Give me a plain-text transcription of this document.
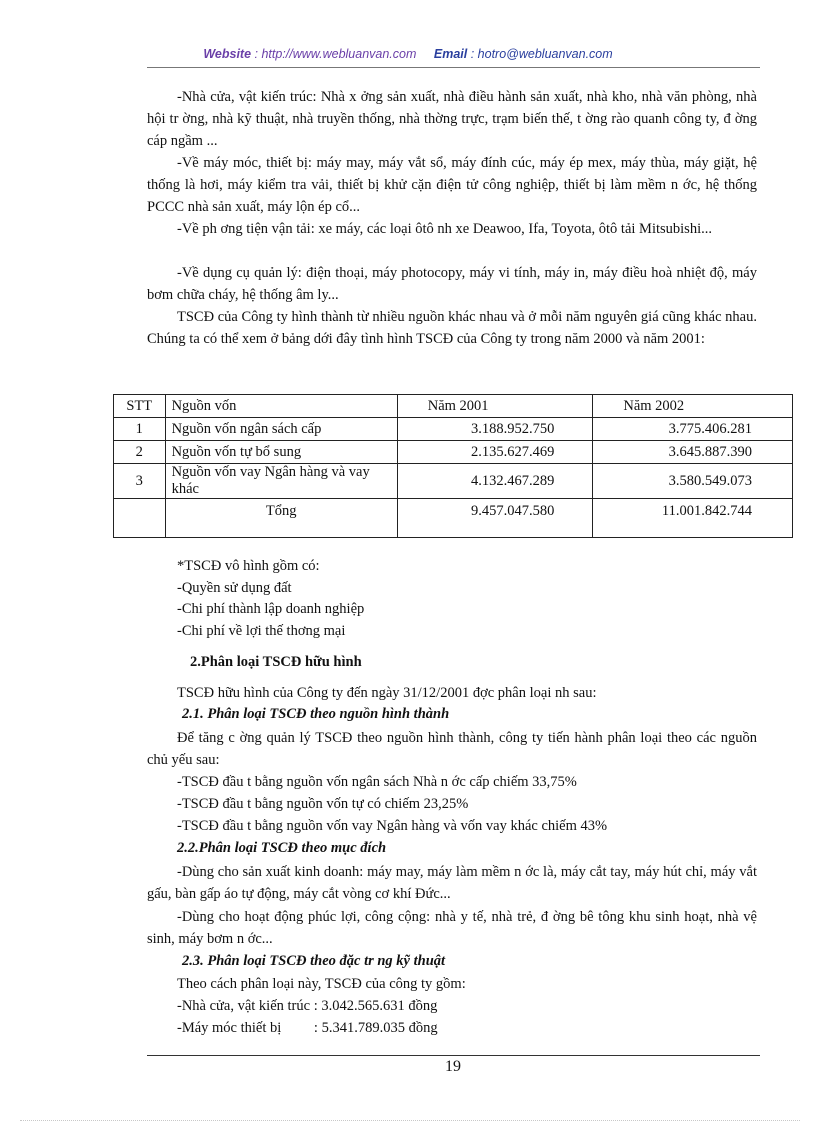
Website : http://www.webluanvan.com Email : hotro@webluanvan.com

-Nhà cửa, vật kiến trúc: Nhà x ởng sản xuất, nhà điều hành sản xuất, nhà kho, nhà văn phòng, nhà hội tr ờng, nhà kỹ thuật, nhà truyền thống, nhà thờng trực, trạm biến thế, t ờng rào quanh công ty, đ ờng cáp ngầm ...

-Về máy móc, thiết bị: máy may, máy vắt sổ, máy đính cúc, máy ép mex, máy thùa, máy giặt, hệ thống là hơi, máy kiểm tra vải, thiết bị khử cặn điện tử công nghiệp, thiết bị làm mềm n ớc, hệ thống PCCC nhà sản xuất, máy lộn ép cổ...

-Về ph ơng tiện vận tải: xe máy, các loại ôtô nh xe Deawoo, Ifa, Toyota, ôtô tải Mitsubishi...

-Về dụng cụ quản lý: điện thoại, máy photocopy, máy vi tính, máy in, máy điều hoà nhiệt độ, máy bơm chữa cháy, hệ thống âm ly...

TSCĐ của Công ty hình thành từ nhiều nguồn khác nhau và ở mỗi năm nguyên giá cũng khác nhau. Chúng ta có thể xem ở bảng dới đây tình hình TSCĐ của Công ty trong năm 2000 và năm 2001:

STT	Nguồn vốn	Năm 2001	Năm 2002
1	Nguồn vốn ngân sách cấp	3.188.952.750	3.775.406.281
2	Nguồn vốn tự bổ sung	2.135.627.469	3.645.887.390
3	Nguồn vốn vay Ngân hàng và vay khác	4.132.467.289	3.580.549.073
	Tổng	9.457.047.580	11.001.842.744
*TSCĐ vô hình gồm có:
-Quyền sử dụng đất
-Chi phí thành lập doanh nghiệp
-Chi phí về lợi thế thơng mại
2.Phân loại TSCĐ hữu hình
TSCĐ hữu hình của Công ty đến ngày 31/12/2001 đợc phân loại nh sau:
2.1. Phân loại TSCĐ theo nguồn hình thành

Để tăng c ờng quản lý TSCĐ theo nguồn hình thành, công ty tiến hành phân loại theo các nguồn chủ yếu sau:

-TSCĐ đầu t bằng nguồn vốn ngân sách Nhà n ớc cấp chiếm 33,75%
-TSCĐ đầu t bằng nguồn vốn tự có chiếm 23,25%
-TSCĐ đầu t bằng nguồn vốn vay Ngân hàng và vốn vay khác chiếm 43%
2.2.Phân loại TSCĐ theo mục đích

-Dùng cho sản xuất kinh doanh: máy may, máy làm mềm n ớc là, máy cắt tay, máy hút chỉ, máy vắt gấu, bàn gấp áo tự động, máy cắt vòng cơ khí Đức...

-Dùng cho hoạt động phúc lợi, công cộng: nhà y tế, nhà trẻ, đ ờng bê tông khu sinh hoạt, nhà vệ sinh, máy bơm n ớc...

2.3. Phân loại TSCĐ theo đặc tr ng kỹ thuật
Theo cách phân loại này, TSCĐ của công ty gồm:
-Nhà cửa, vật kiến trúc : 3.042.565.631 đồng
-Máy móc thiết bị         : 5.341.789.035 đồng
19
